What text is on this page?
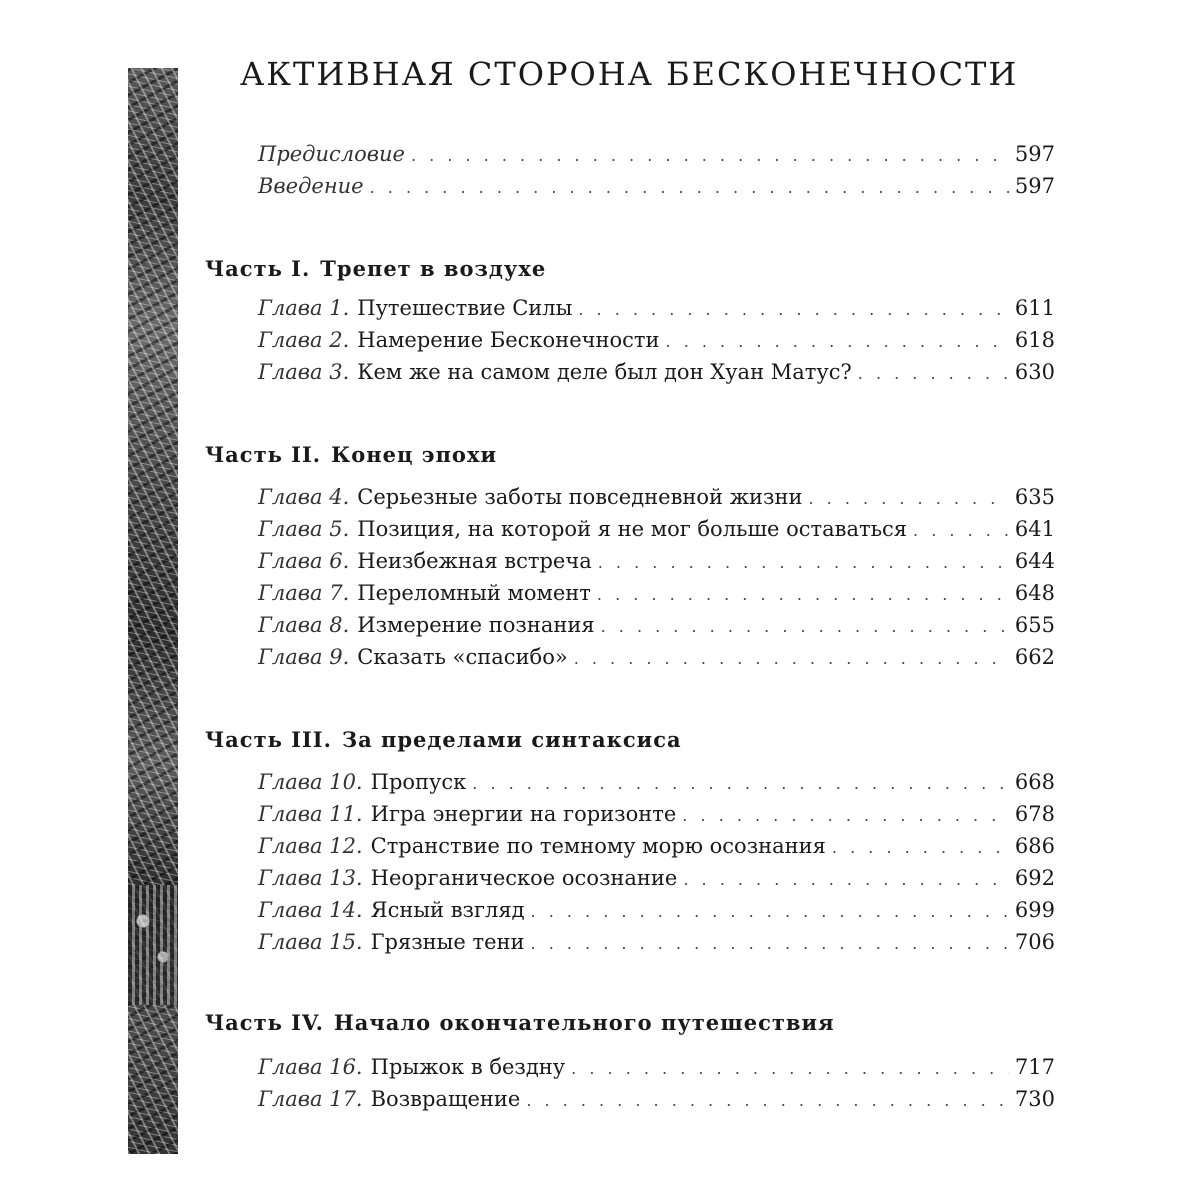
АКТИВНАЯ СТОРОНА БЕСКОНЕЧНОСТИ
Предисловие . . .	597
Введение . . .	597
Часть I. Трепет в воздухе
Глава 1. Путешествие Силы . . .	611
Глава 2. Намерение Бесконечности . . .	618
Глава 3. Кем же на самом деле был дон Хуан Матус? . . .	630
Часть II. Конец эпохи
Глава 4. Серьезные заботы повседневной жизни . . .	635
Глава 5. Позиция, на которой я не мог больше оставаться . . .	641
Глава 6. Неизбежная встреча . . .	644
Глава 7. Переломный момент . . .	648
Глава 8. Измерение познания . . .	655
Глава 9. Сказать «спасибо» . . .	662
Часть III. За пределами синтаксиса
Глава 10. Пропуск . . .	668
Глава 11. Игра энергии на горизонте . . .	678
Глава 12. Странствие по темному морю осознания . . .	686
Глава 13. Неорганическое осознание . . .	692
Глава 14. Ясный взгляд . . .	699
Глава 15. Грязные тени . . .	706
Часть IV. Начало окончательного путешествия
Глава 16. Прыжок в бездну . . .	717
Глава 17. Возвращение . . .	730
